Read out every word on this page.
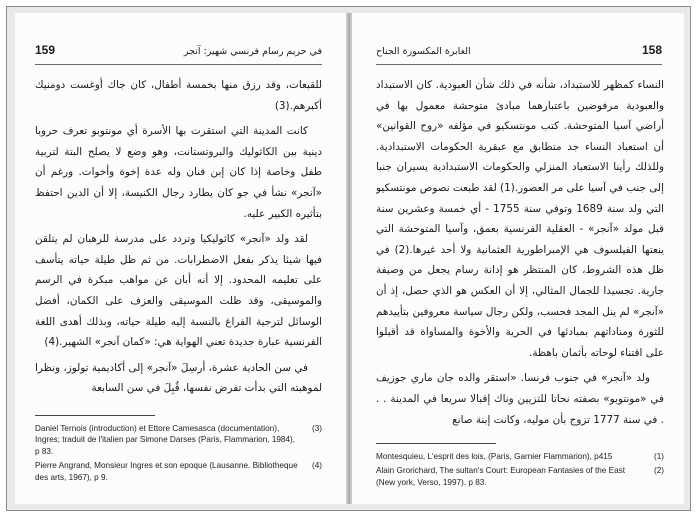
159	في حريم رسام فرنسي شهير: آنجر

للقبعات، وقد رزق منها بخمسة أطفال، كان جاك أوغست دومنيك أكبرهم.(3)

كانت المدينة التي استقرت بها الأسرة أي مونتوبو تعرف حروبا دينية بين الكاثوليك والبروتستانت، وهو وضع لا يصلح البتة لتربية طفل وخاصة إذا كان إبن فنان وله عدة إخوة وأخوات. ورغم أن «آنجر» نشأ في جو كان يطارد رجال الكنيسة، إلا أن الدين احتفظ بتأثيره الكبير عليه.

لقد ولد «آنجر» كاثوليكيا وتردد على مدرسة للرهبان لم يتلقن فيها شيئا يذكر بفعل الاضطرابات. من ثم ظل طيلة حياته يتأسف على تعليمه المحدود. إلا أنه أبان عن مواهب مبكرة في الرسم والموسيقى، وقد ظلت الموسيقى والعزف على الكمان، أفضل الوسائل لترجية الفراغ بالنسبة إليه طيلة حياته، وبذلك أهدى اللغة الفرنسية عبارة جديدة تعني الهواية هي: «كمان آنجر» الشهير.(4)

في سن الحادية عشرة، أرسِلَ «آنجر» إلى أكاديمية تولوز، ونظرا لموهبته التي بدأت تفرض نفسها، قُبِلَ في سن السابعة

Daniel Ternois (introduction) et Ettore Camesasca (documentation), Ingres; traduit de l'italien par Simone Darses (Paris, Flammarion, 1984), p 83.
(3)
Pierre Angrand, Monsieur Ingres et son epoque (Lausanne. Bibliotheque des arts, 1967), p 9.
(4)
الغابرة المكسورة الجناح	158

النساء كمظهر للاستبداد، شأنه في ذلك شأن العبودية. كان الاستبداد والعبودية مرفوضين باعتبارهما مبادئ متوحشة معمول بها في أراضي آسيا المتوحشة. كتب مونتسكيو في مؤلفه «روح القوانين» أن استعباد النساء جد متطابق مع عبقرية الحكومات الاستبدادية. وللذلك رأينا الاستعباد المنزلي والحكومات الاستبدادية يسيران جنبا إلى جنب في آسيا على مر العصور.(1) لقد طبعت نصوص مونتسكيو التي ولد سنة 1689 وتوفي سنة 1755 - أي خمسة وعشرين سنة قبل مولد «آنجر» - العقلية الفرنسية بعمق، وآسيا المتوحشة التي ينعتها الفيلسوف هي الإمبراطورية العثمانية ولا أحد غيرها.(2) في ظل هذه الشروط، كان المنتظر هو إدانة رسام يجعل من وصيفة جارية. تجسيدا للجمال المثالي، إلا أن العكس هو الذي حصل، إذ أن «آنجر» لم ينل المجد فحسب، ولكن رجال سياسة معروفين بتأييدهم للثورة ومناداتهم بمبادئها في الحرية والأخوة والمساواة قد أقبلوا على اقتناء لوحاته بأثمان باهظة.

ولد «آنجر» في جنوب فرنسا. «استقر والده جان ماري جوزيف في «مونتوبو» بصفته نحاتا للتزيين وناك إقبالا سريعا في المدينة . . . في سنة 1777 تزوج بأن موليه، وكانت إبنة صانع

Montesquieu, L'esprit des lois, (Paris, Garnier Flammarion), p415	(1)
Alain Grorichard, The sultan's Court: European Fantasies of the East (New york, Verso, 1997). p 83.
(2)
